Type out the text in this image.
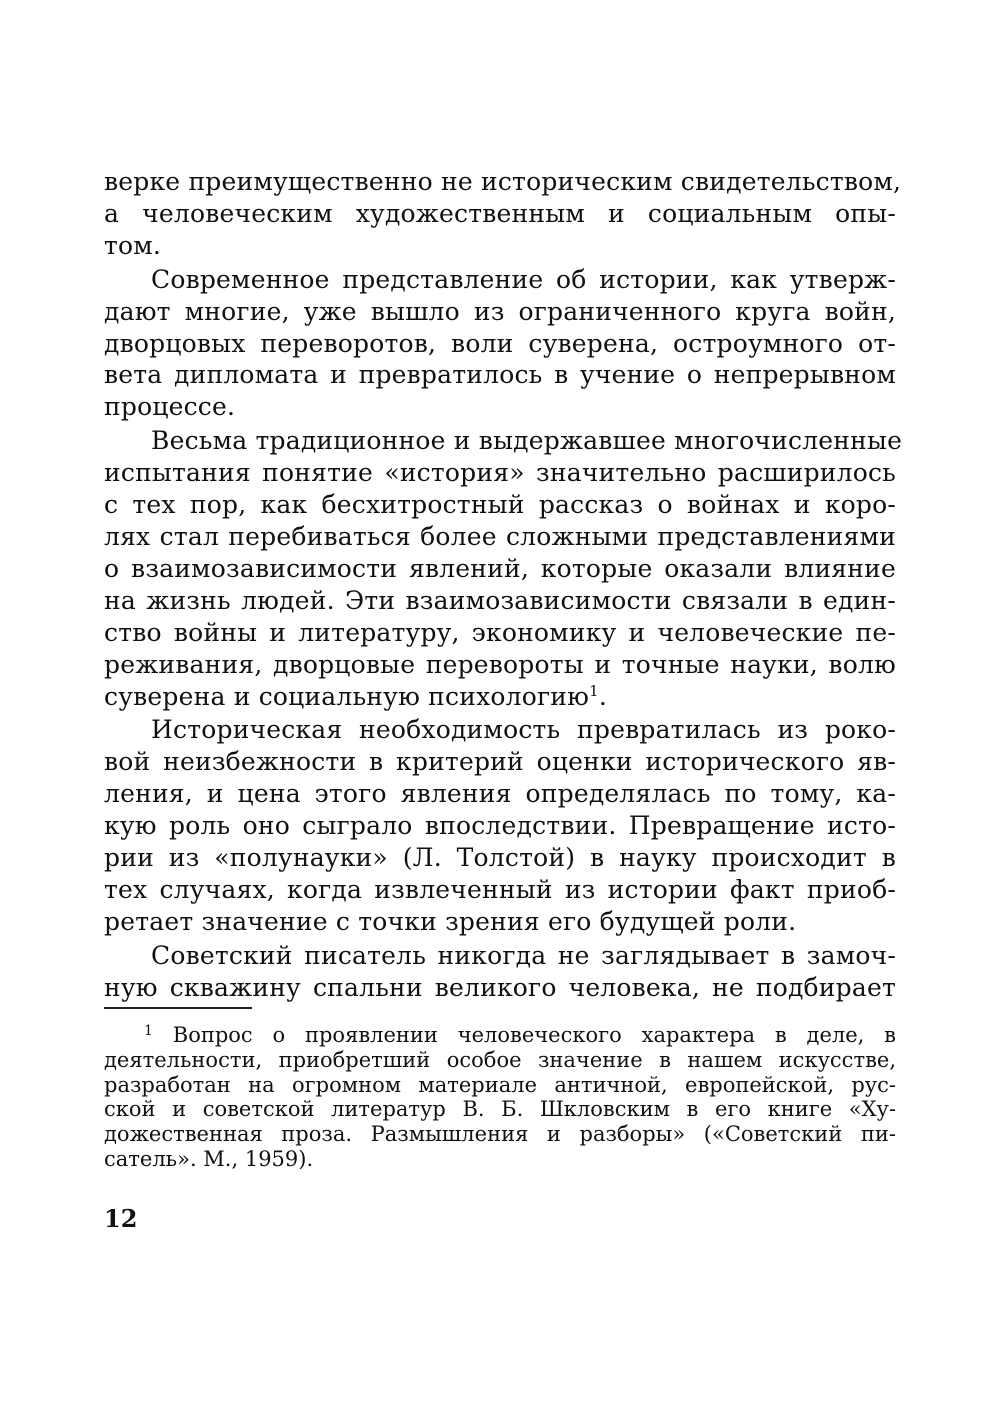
верке преимущественно не историческим свидетельством,
а человеческим художественным и социальным опы-
том.
Современное представление об истории, как утверж-
дают многие, уже вышло из ограниченного круга войн,
дворцовых переворотов, воли суверена, остроумного от-
вета дипломата и превратилось в учение о непрерывном
процессе.
Весьма традиционное и выдержавшее многочисленные
испытания понятие «история» значительно расширилось
с тех пор, как бесхитростный рассказ о войнах и коро-
лях стал перебиваться более сложными представлениями
о взаимозависимости явлений, которые оказали влияние
на жизнь людей. Эти взаимозависимости связали в един-
ство войны и литературу, экономику и человеческие пе-
реживания, дворцовые перевороты и точные науки, волю
суверена и социальную психологию$^1$.
Историческая необходимость превратилась из роко-
вой неизбежности в критерий оценки исторического яв-
ления, и цена этого явления определялась по тому, ка-
кую роль оно сыграло впоследствии. Превращение исто-
рии из «полунауки» (Л. Толстой) в науку происходит в
тех случаях, когда извлеченный из истории факт приоб-
ретает значение с точки зрения его будущей роли.
Советский писатель никогда не заглядывает в замоч-
ную скважину спальни великого человека, не подбирает
$^1$ Вопрос о проявлении человеческого характера в деле, в
деятельности, приобретший особое значение в нашем искусстве,
разработан на огромном материале античной, европейской, рус-
ской и советской литератур В. Б. Шкловским в его книге «Ху-
дожественная проза. Размышления и разборы» («Советский пи-
сатель». М., 1959).
12
